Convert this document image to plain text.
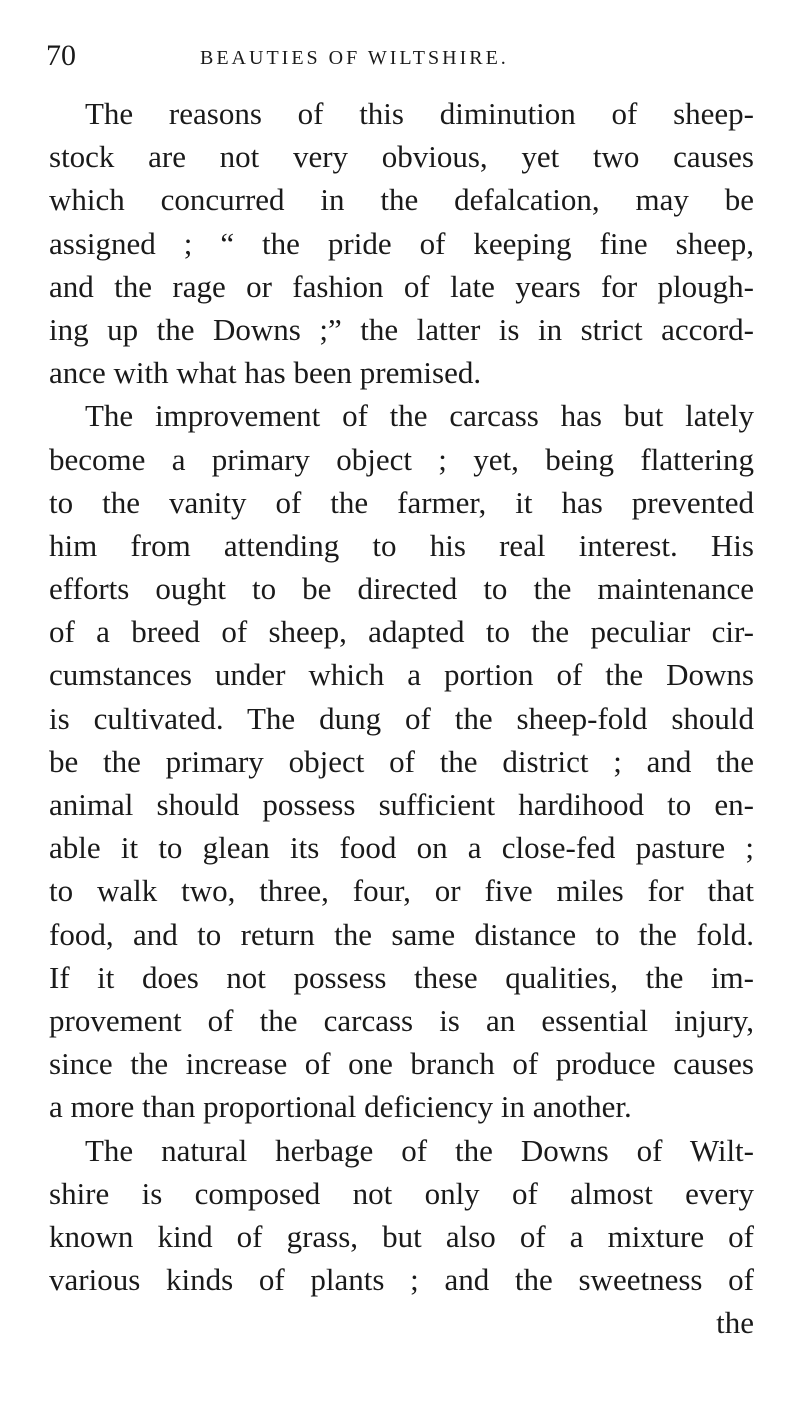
70	BEAUTIES OF WILTSHIRE.
The reasons of this diminution of sheep-
stock are not very obvious, yet two causes
which concurred in the defalcation, may be
assigned ; “ the pride of keeping fine sheep,
and the rage or fashion of late years for plough-
ing up the Downs ;” the latter is in strict accord-
ance with what has been premised.
The improvement of the carcass has but lately
become a primary object ; yet, being flattering
to the vanity of the farmer, it has prevented
him from attending to his real interest. His
efforts ought to be directed to the maintenance
of a breed of sheep, adapted to the peculiar cir-
cumstances under which a portion of the Downs
is cultivated. The dung of the sheep-fold should
be the primary object of the district ; and the
animal should possess sufficient hardihood to en-
able it to glean its food on a close-fed pasture ;
to walk two, three, four, or five miles for that
food, and to return the same distance to the fold.
If it does not possess these qualities, the im-
provement of the carcass is an essential injury,
since the increase of one branch of produce causes
a more than proportional deficiency in another.
The natural herbage of the Downs of Wilt-
shire is composed not only of almost every
known kind of grass, but also of a mixture of
various kinds of plants ; and the sweetness of
the
